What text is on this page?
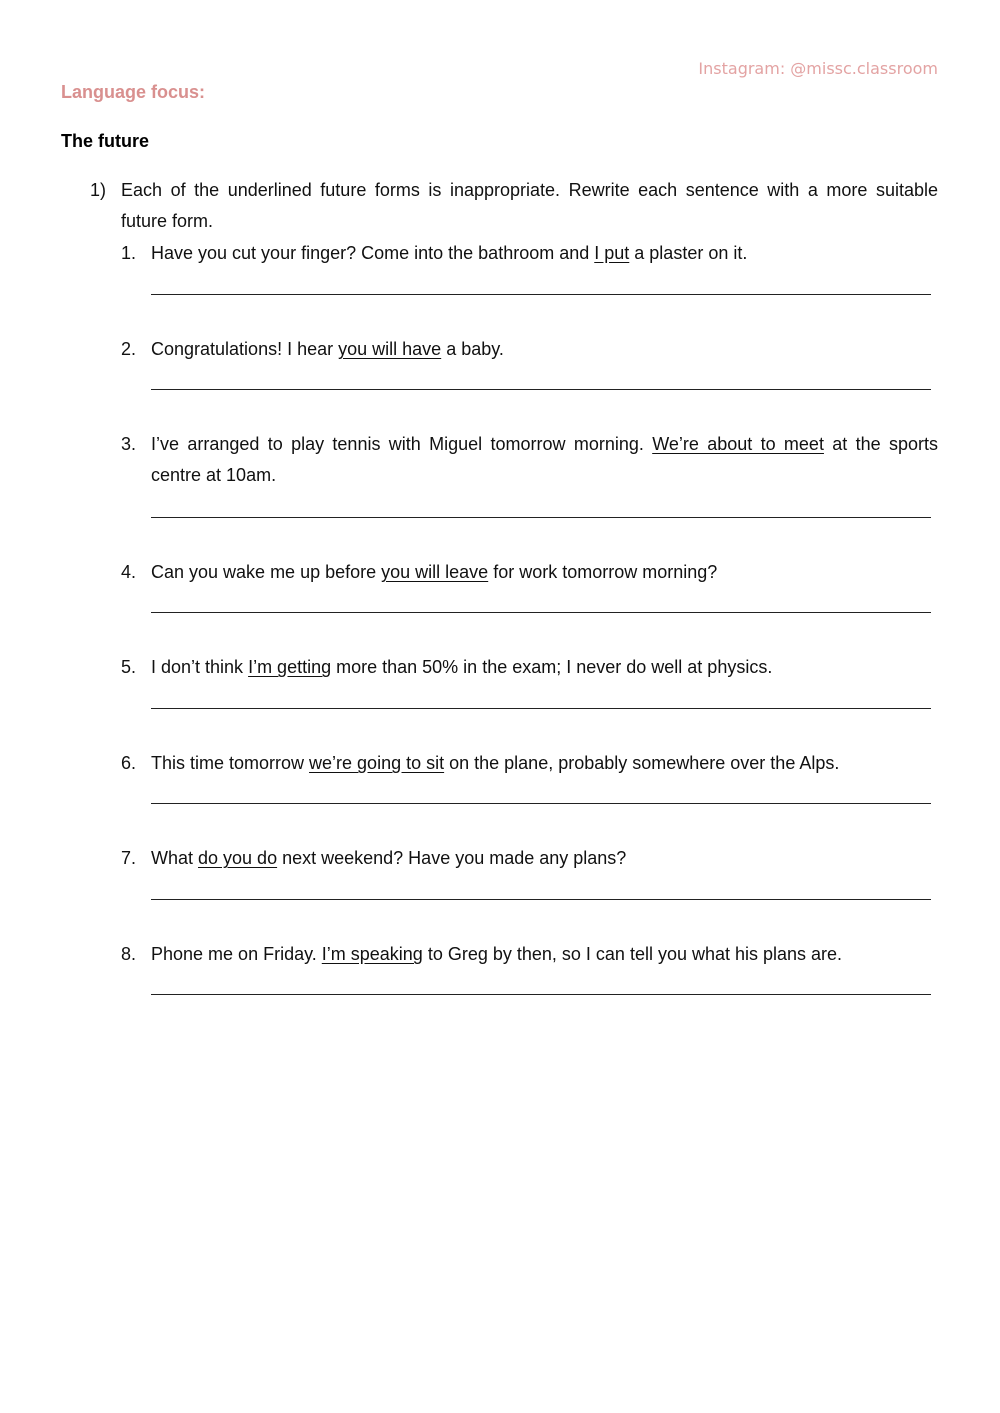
Instagram: @missc.classroom
Language focus:
The future
1) Each of the underlined future forms is inappropriate. Rewrite each sentence with a more suitable future form.
1. Have you cut your finger? Come into the bathroom and I put a plaster on it.
2. Congratulations! I hear you will have a baby.
3. I’ve arranged to play tennis with Miguel tomorrow morning. We’re about to meet at the sports centre at 10am.
4. Can you wake me up before you will leave for work tomorrow morning?
5. I don’t think I’m getting more than 50% in the exam; I never do well at physics.
6. This time tomorrow we’re going to sit on the plane, probably somewhere over the Alps.
7. What do you do next weekend? Have you made any plans?
8. Phone me on Friday. I’m speaking to Greg by then, so I can tell you what his plans are.
